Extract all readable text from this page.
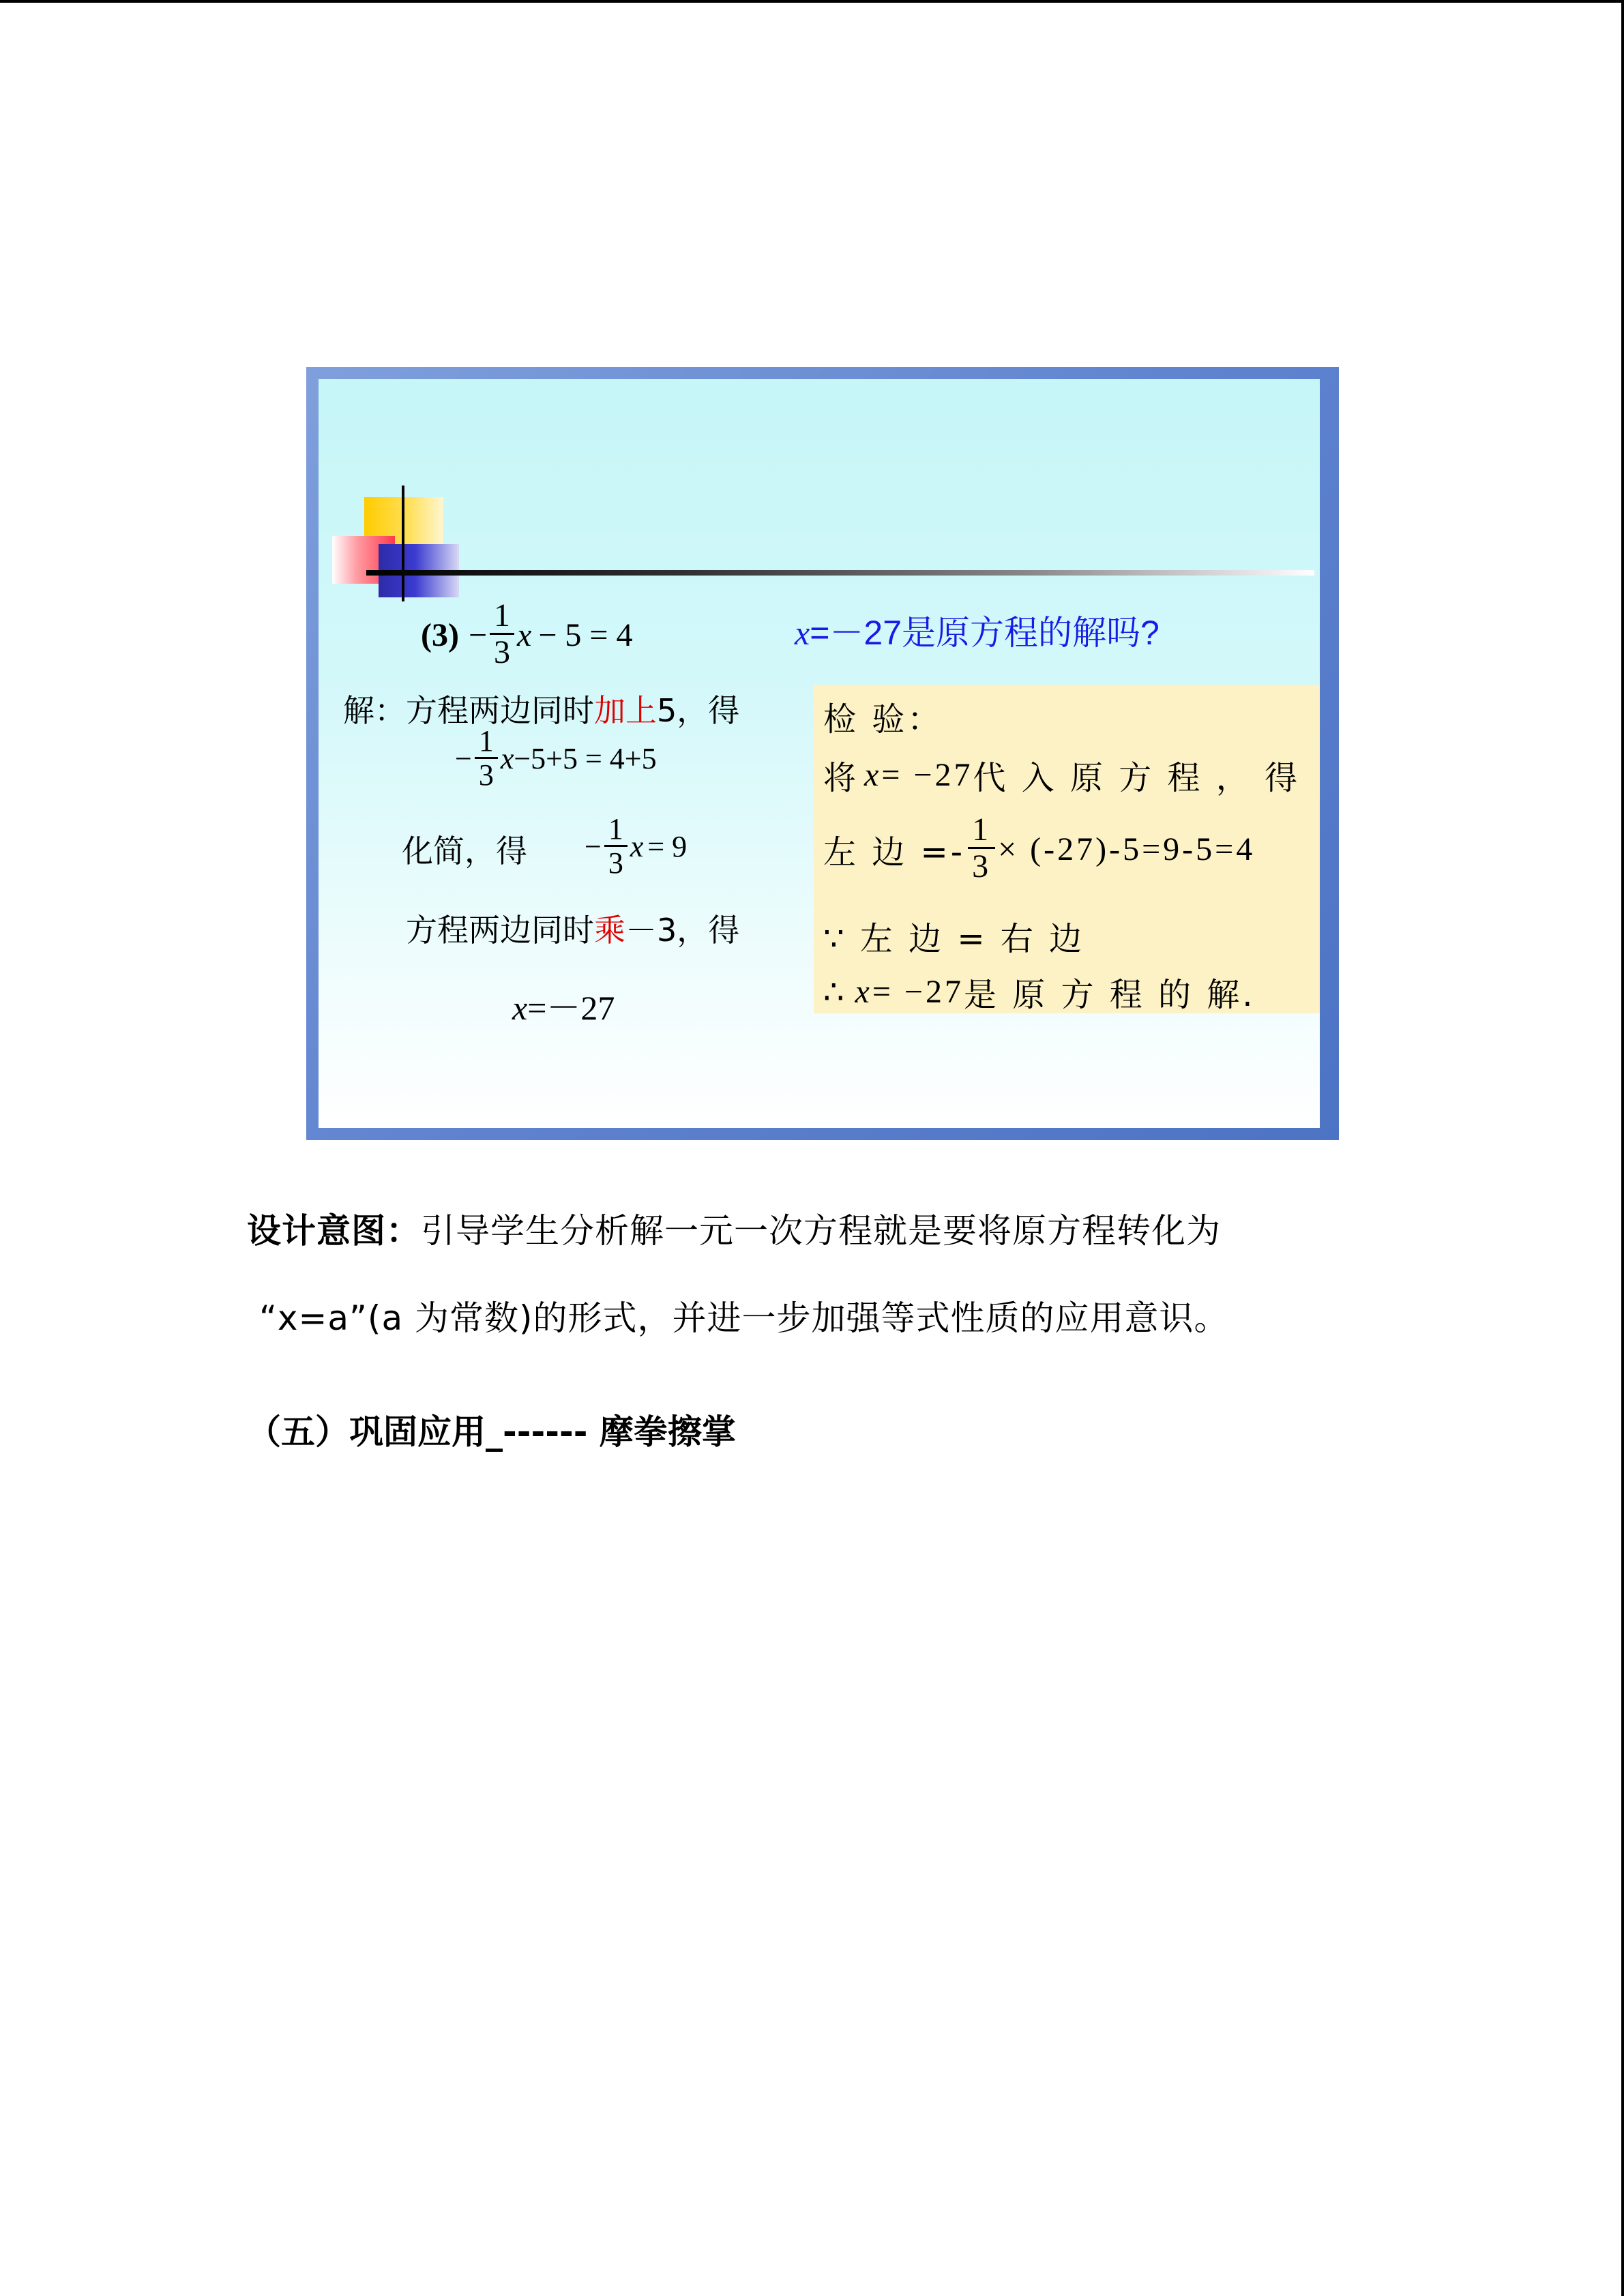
$(3) - \frac{1}{3}$ x − 5 = 4	x=－27是原方程的解吗?
解：方程两边同时加上5，得
− $\frac{1}{3}$ x −5+5 = 4+5
化简，得 − $\frac{1}{3}$ x = 9
方程两边同时乘－3，得
x=－27
检 验：
将 x = −27 代 入 原 方 程 ， 得
左 边 =- $\frac{1}{3} \times (-27)-5=9-5=4$
∵ 左 边 = 右 边
∴ x = −27 是 原 方 程 的 解.
设计意图：引导学生分析解一元一次方程就是要将原方程转化为
“x=a”(a 为常数)的形式，并进一步加强等式性质的应用意识。
（五）巩固应用_------ 摩拳擦掌
